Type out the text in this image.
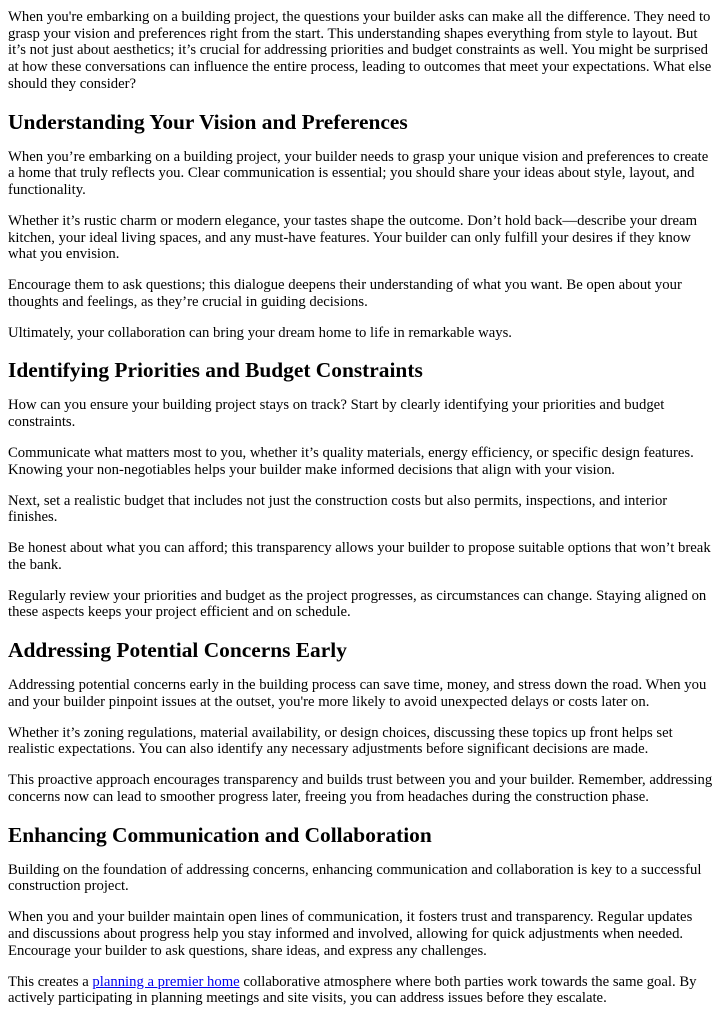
When you're embarking on a building project, the questions your builder asks can make all the difference. They need to grasp your vision and preferences right from the start. This understanding shapes everything from style to layout. But it’s not just about aesthetics; it’s crucial for addressing priorities and budget constraints as well. You might be surprised at how these conversations can influence the entire process, leading to outcomes that meet your expectations. What else should they consider?

Understanding Your Vision and Preferences

When you’re embarking on a building project, your builder needs to grasp your unique vision and preferences to create a home that truly reflects you. Clear communication is essential; you should share your ideas about style, layout, and functionality.

Whether it’s rustic charm or modern elegance, your tastes shape the outcome. Don’t hold back—describe your dream kitchen, your ideal living spaces, and any must-have features. Your builder can only fulfill your desires if they know what you envision.

Encourage them to ask questions; this dialogue deepens their understanding of what you want. Be open about your thoughts and feelings, as they’re crucial in guiding decisions.

Ultimately, your collaboration can bring your dream home to life in remarkable ways.

Identifying Priorities and Budget Constraints

How can you ensure your building project stays on track? Start by clearly identifying your priorities and budget constraints.

Communicate what matters most to you, whether it’s quality materials, energy efficiency, or specific design features. Knowing your non-negotiables helps your builder make informed decisions that align with your vision.

Next, set a realistic budget that includes not just the construction costs but also permits, inspections, and interior finishes.

Be honest about what you can afford; this transparency allows your builder to propose suitable options that won’t break the bank.

Regularly review your priorities and budget as the project progresses, as circumstances can change. Staying aligned on these aspects keeps your project efficient and on schedule.

Addressing Potential Concerns Early

Addressing potential concerns early in the building process can save time, money, and stress down the road. When you and your builder pinpoint issues at the outset, you're more likely to avoid unexpected delays or costs later on.

Whether it’s zoning regulations, material availability, or design choices, discussing these topics up front helps set realistic expectations. You can also identify any necessary adjustments before significant decisions are made.

This proactive approach encourages transparency and builds trust between you and your builder. Remember, addressing concerns now can lead to smoother progress later, freeing you from headaches during the construction phase.

Enhancing Communication and Collaboration

Building on the foundation of addressing concerns, enhancing communication and collaboration is key to a successful construction project.

When you and your builder maintain open lines of communication, it fosters trust and transparency. Regular updates and discussions about progress help you stay informed and involved, allowing for quick adjustments when needed. Encourage your builder to ask questions, share ideas, and express any challenges.

This creates a planning a premier home collaborative atmosphere where both parties work towards the same goal. By actively participating in planning meetings and site visits, you can address issues before they escalate.
